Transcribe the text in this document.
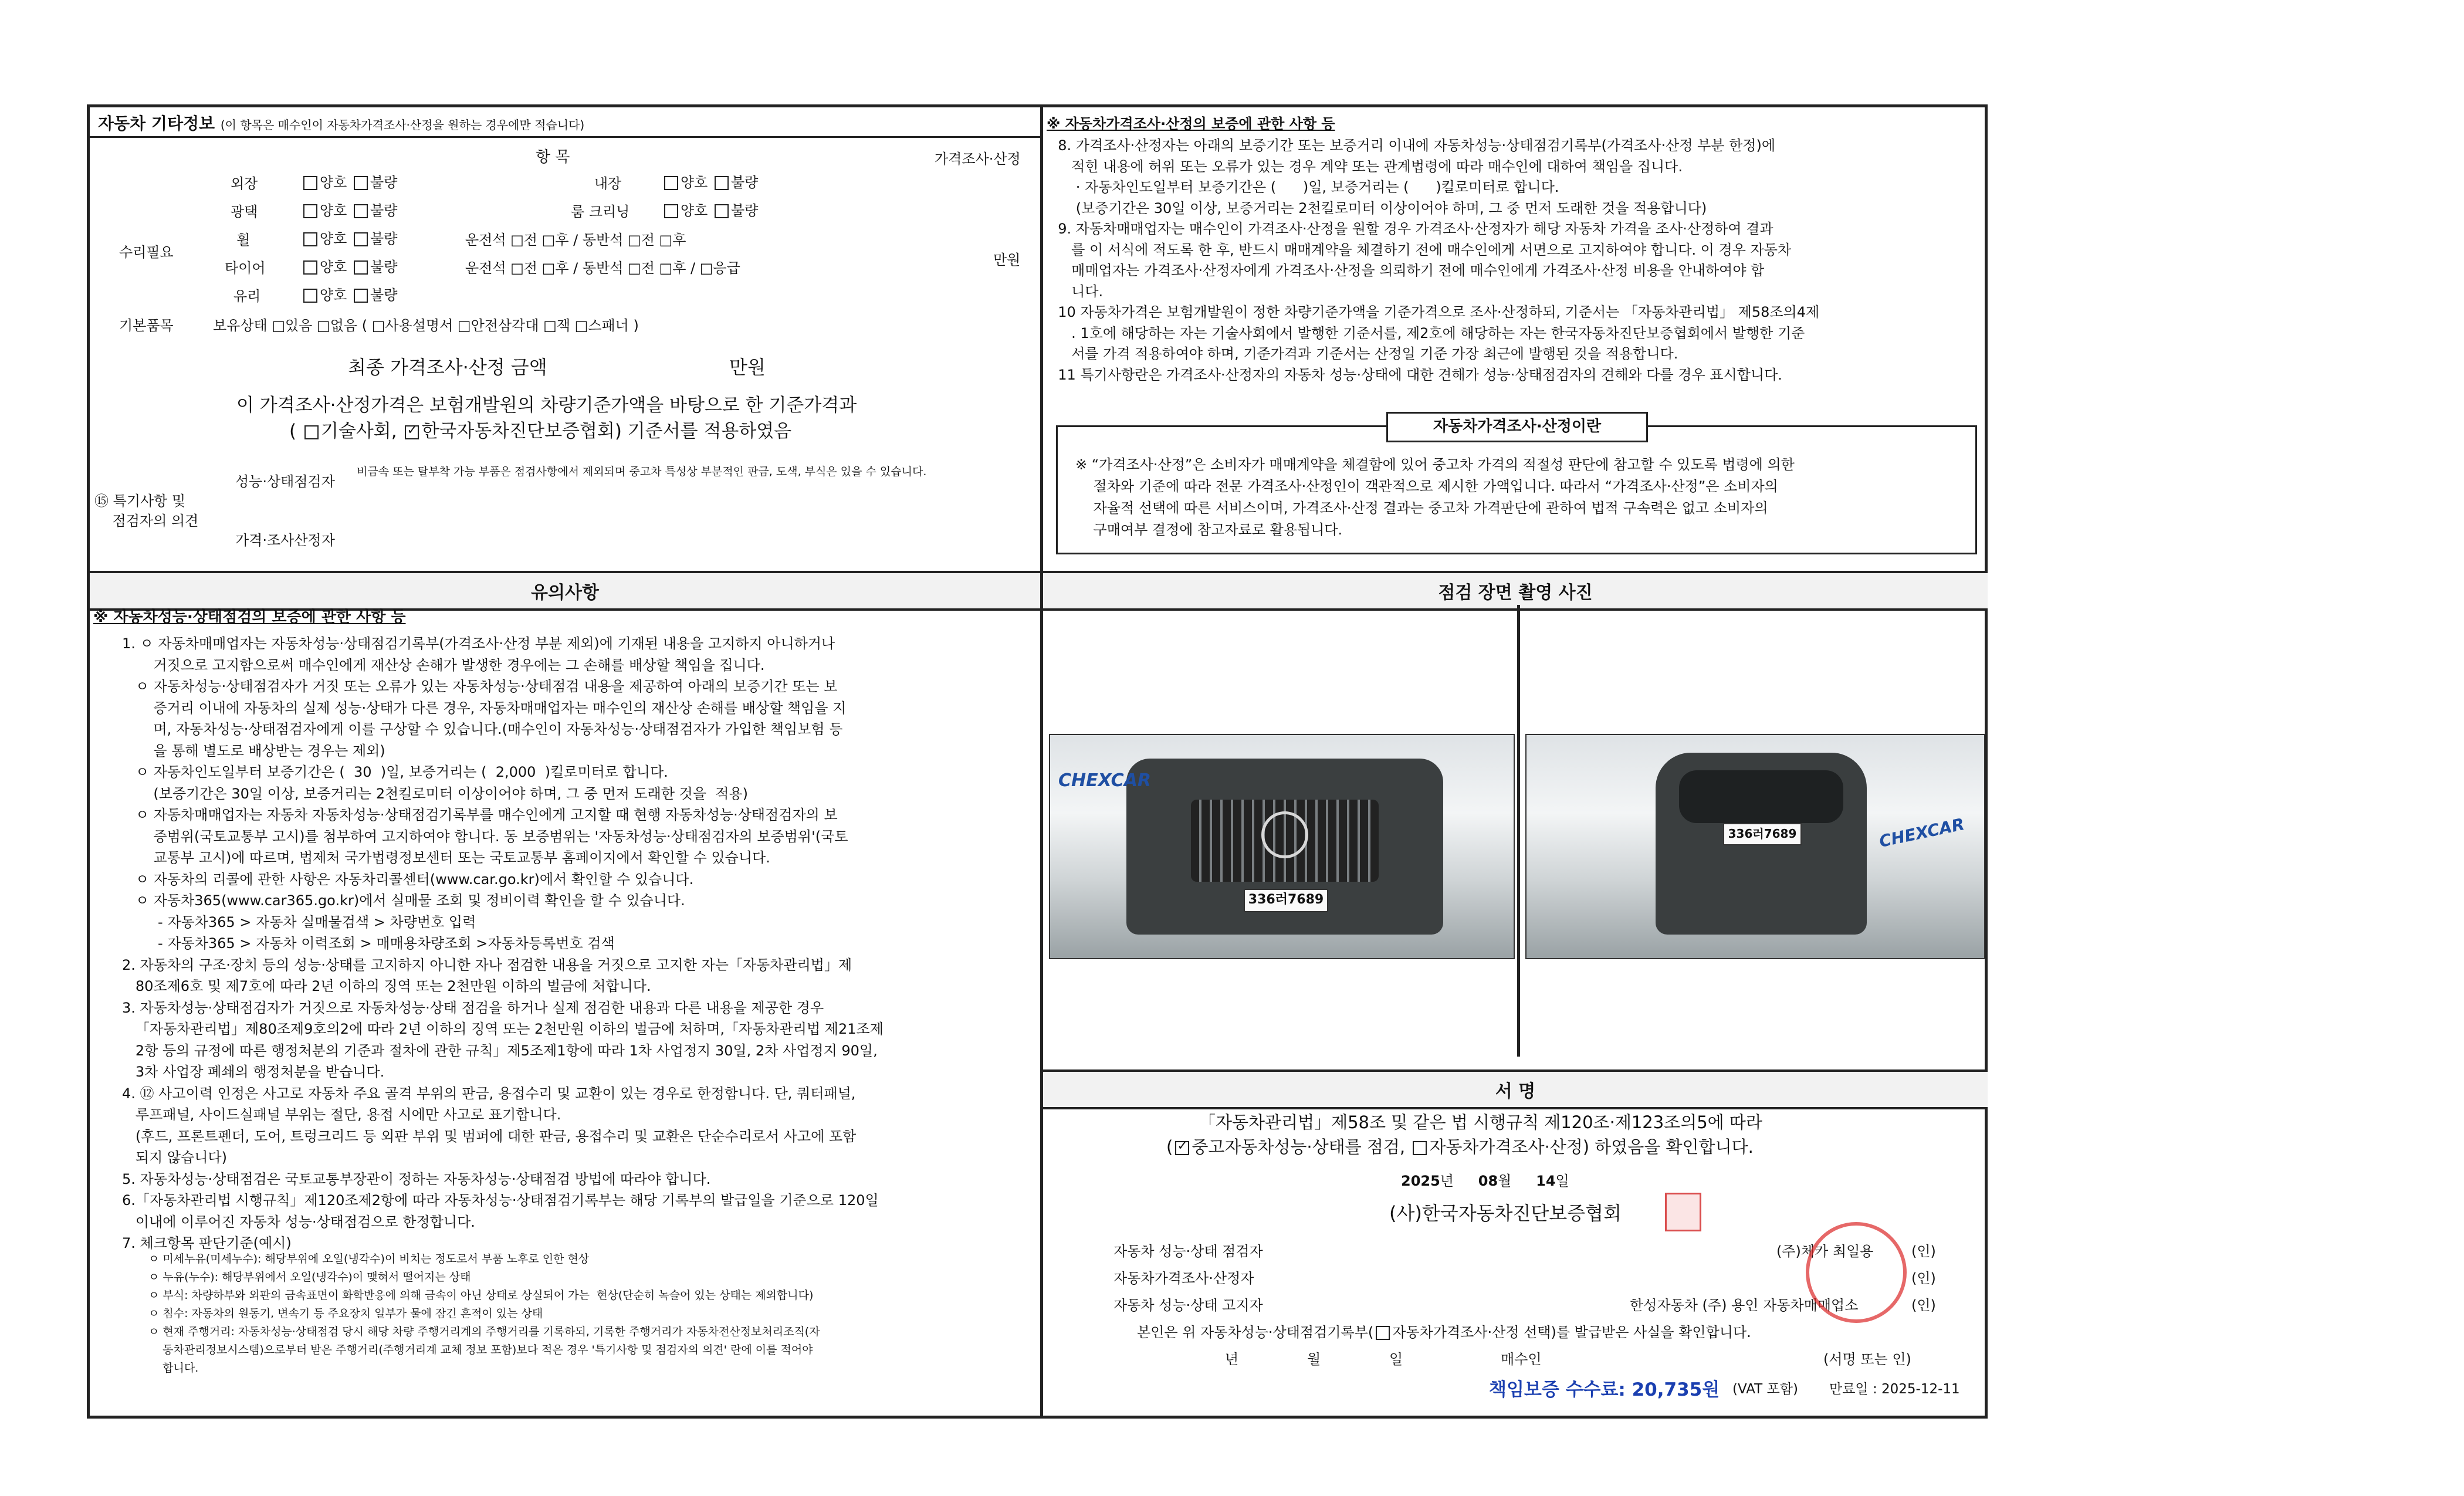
자동차 기타정보 (이 항목은 매수인이 자동차가격조사·산정을 원하는 경우에만 적습니다)
항 목	가격조사·산정
수리필요
외장	양호 불량	내장	양호 불량
광택	양호 불량	룸 크리닝	양호 불량
휠	양호 불량	운전석 □전 □후 / 동반석 □전 □후
타이어	양호 불량	운전석 □전 □후 / 동반석 □전 □후 / □응급
유리	양호 불량
만원
기본품목	보유상태 □있음 □없음 ( □사용설명서 □안전삼각대 □잭 □스패너 )
최종 가격조사·산정 금액	만원
이 가격조사·산정가격은 보험개발원의 차량기준가액을 바탕으로 한 기준가격과
( 기술사회, ✓ 한국자동차진단보증협회) 기준서를 적용하였음
⑮ 특기사항 및
점검자의 의견
성능·상태점검자
비금속 또는 탈부착 가능 부품은 점검사항에서 제외되며 중고차 특성상 부분적인 판금, 도색, 부식은 있을 수 있습니다.
가격·조사산정자
유의사항
※ 자동차성능·상태점검의 보증에 관한 사항 등
1. ㅇ 자동차매매업자는 자동차성능·상태점검기록부(가격조사·산정 부분 제외)에 기재된 내용을 고지하지 아니하거나
거짓으로 고지함으로써 매수인에게 재산상 손해가 발생한 경우에는 그 손해를 배상할 책임을 집니다.
ㅇ 자동차성능·상태점검자가 거짓 또는 오류가 있는 자동차성능·상태점검 내용을 제공하여 아래의 보증기간 또는 보
증거리 이내에 자동차의 실제 성능·상태가 다른 경우, 자동차매매업자는 매수인의 재산상 손해를 배상할 책임을 지
며, 자동차성능·상태점검자에게 이를 구상할 수 있습니다.(매수인이 자동차성능·상태점검자가 가입한 책임보험 등
을 통해 별도로 배상받는 경우는 제외)
ㅇ 자동차인도일부터 보증기간은 (  30  )일, 보증거리는 (  2,000  )킬로미터로 합니다.
(보증기간은 30일 이상, 보증거리는 2천킬로미터 이상이어야 하며, 그 중 먼저 도래한 것을  적용)
ㅇ 자동차매매업자는 자동차 자동차성능·상태점검기록부를 매수인에게 고지할 때 현행 자동차성능·상태점검자의 보
증범위(국토교통부 고시)를 첨부하여 고지하여야 합니다. 동 보증범위는 '자동차성능·상태점검자의 보증범위'(국토
교통부 고시)에 따르며, 법제처 국가법령정보센터 또는 국토교통부 홈페이지에서 확인할 수 있습니다.
ㅇ 자동차의 리콜에 관한 사항은 자동차리콜센터(www.car.go.kr)에서 확인할 수 있습니다.
ㅇ 자동차365(www.car365.go.kr)에서 실매물 조회 및 정비이력 확인을 할 수 있습니다.
- 자동차365 > 자동차 실매물검색 > 차량번호 입력
- 자동차365 > 자동차 이력조회 > 매매용차량조회 >자동차등록번호 검색
2. 자동차의 구조·장치 등의 성능·상태를 고지하지 아니한 자나 점검한 내용을 거짓으로 고지한 자는「자동차관리법」제
80조제6호 및 제7호에 따라 2년 이하의 징역 또는 2천만원 이하의 벌금에 처합니다.
3. 자동차성능·상태점검자가 거짓으로 자동차성능·상태 점검을 하거나 실제 점검한 내용과 다른 내용을 제공한 경우
「자동차관리법」제80조제9호의2에 따라 2년 이하의 징역 또는 2천만원 이하의 벌금에 처하며,「자동차관리법 제21조제
2항 등의 규정에 따른 행정처분의 기준과 절차에 관한 규칙」제5조제1항에 따라 1차 사업정지 30일, 2차 사업정지 90일,
3차 사업장 폐쇄의 행정처분을 받습니다.
4. ⑫ 사고이력 인정은 사고로 자동차 주요 골격 부위의 판금, 용접수리 및 교환이 있는 경우로 한정합니다. 단, 쿼터패널,
루프패널, 사이드실패널 부위는 절단, 용접 시에만 사고로 표기합니다.
(후드, 프론트펜더, 도어, 트렁크리드 등 외판 부위 및 범퍼에 대한 판금, 용접수리 및 교환은 단순수리로서 사고에 포함
되지 않습니다)
5. 자동차성능·상태점검은 국토교통부장관이 정하는 자동차성능·상태점검 방법에 따라야 합니다.
6.「자동차관리법 시행규칙」제120조제2항에 따라 자동차성능·상태점검기록부는 해당 기록부의 발급일을 기준으로 120일
이내에 이루어진 자동차 성능·상태점검으로 한정합니다.
7. 체크항목 판단기준(예시)
ㅇ 미세누유(미세누수): 해당부위에 오일(냉각수)이 비치는 정도로서 부품 노후로 인한 현상
ㅇ 누유(누수): 해당부위에서 오일(냉각수)이 맺혀서 떨어지는 상태
ㅇ 부식: 차량하부와 외판의 금속표면이 화학반응에 의해 금속이 아닌 상태로 상실되어 가는  현상(단순히 녹슬어 있는 상태는 제외합니다)
ㅇ 침수: 자동차의 원동기, 변속기 등 주요장치 일부가 물에 잠긴 흔적이 있는 상태
ㅇ 현재 주행거리: 자동차성능·상태점검 당시 해당 차량 주행거리계의 주행거리를 기록하되, 기록한 주행거리가 자동차전산정보처리조직(자
동차관리정보시스템)으로부터 받은 주행거리(주행거리계 교체 정보 포함)보다 적은 경우 '특기사항 및 점검자의 의견' 란에 이를 적어야
합니다.
※ 자동차가격조사·산정의 보증에 관한 사항 등
8. 가격조사·산정자는 아래의 보증기간 또는 보증거리 이내에 자동차성능·상태점검기록부(가격조사·산정 부분 한정)에
적힌 내용에 허위 또는 오류가 있는 경우 계약 또는 관계법령에 따라 매수인에 대하여 책임을 집니다.
· 자동차인도일부터 보증기간은 (      )일, 보증거리는 (      )킬로미터로 합니다.
(보증기간은 30일 이상, 보증거리는 2천킬로미터 이상이어야 하며, 그 중 먼저 도래한 것을 적용합니다)
9. 자동차매매업자는 매수인이 가격조사·산정을 원할 경우 가격조사·산정자가 해당 자동차 가격을 조사·산정하여 결과
를 이 서식에 적도록 한 후, 반드시 매매계약을 체결하기 전에 매수인에게 서면으로 고지하여야 합니다. 이 경우 자동차
매매업자는 가격조사·산정자에게 가격조사·산정을 의뢰하기 전에 매수인에게 가격조사·산정 비용을 안내하여야 합
니다.
10 자동차가격은 보험개발원이 정한 차량기준가액을 기준가격으로 조사·산정하되, 기준서는 「자동차관리법」 제58조의4제
. 1호에 해당하는 자는 기술사회에서 발행한 기준서를, 제2호에 해당하는 자는 한국자동차진단보증협회에서 발행한 기준
서를 가격 적용하여야 하며, 기준가격과 기준서는 산정일 기준 가장 최근에 발행된 것을 적용합니다.
11 특기사항란은 가격조사·산정자의 자동차 성능·상태에 대한 견해가 성능·상태점검자의 견해와 다를 경우 표시합니다.
자동차가격조사·산정이란
※ “가격조사·산정”은 소비자가 매매계약을 체결함에 있어 중고차 가격의 적절성 판단에 참고할 수 있도록 법령에 의한
절차와 기준에 따라 전문 가격조사·산정인이 객관적으로 제시한 가액입니다. 따라서 “가격조사·산정”은 소비자의
자율적 선택에 따른 서비스이며, 가격조사·산정 결과는 중고차 가격판단에 관하여 법적 구속력은 없고 소비자의
구매여부 결정에 참고자료로 활용됩니다.
점검 장면 촬영 사진
336러7689
CHEXCAR
336러7689	CHEXCAR
서 명
「자동차관리법」제58조 및 같은 법 시행규칙 제120조·제123조의5에 따라
( ✓ 중고자동차성능·상태를 점검, 자동차가격조사·산정) 하였음을 확인합니다.
2025년 08월 14일
(사)한국자동차진단보증협회
자동차 성능·상태 점검자	(주)체카 최일용	(인)
자동차가격조사·산정자	(인)
자동차 성능·상태 고지자	한성자동차 (주) 용인 자동차매매업소	(인)
본인은 위 자동차성능·상태점검기록부( 자동차가격조사·산정 선택)를 발급받은 사실을 확인합니다.
년	월	일	매수인	(서명 또는 인)
책임보증 수수료: 20,735원 (VAT 포함) 만료일 : 2025-12-11
